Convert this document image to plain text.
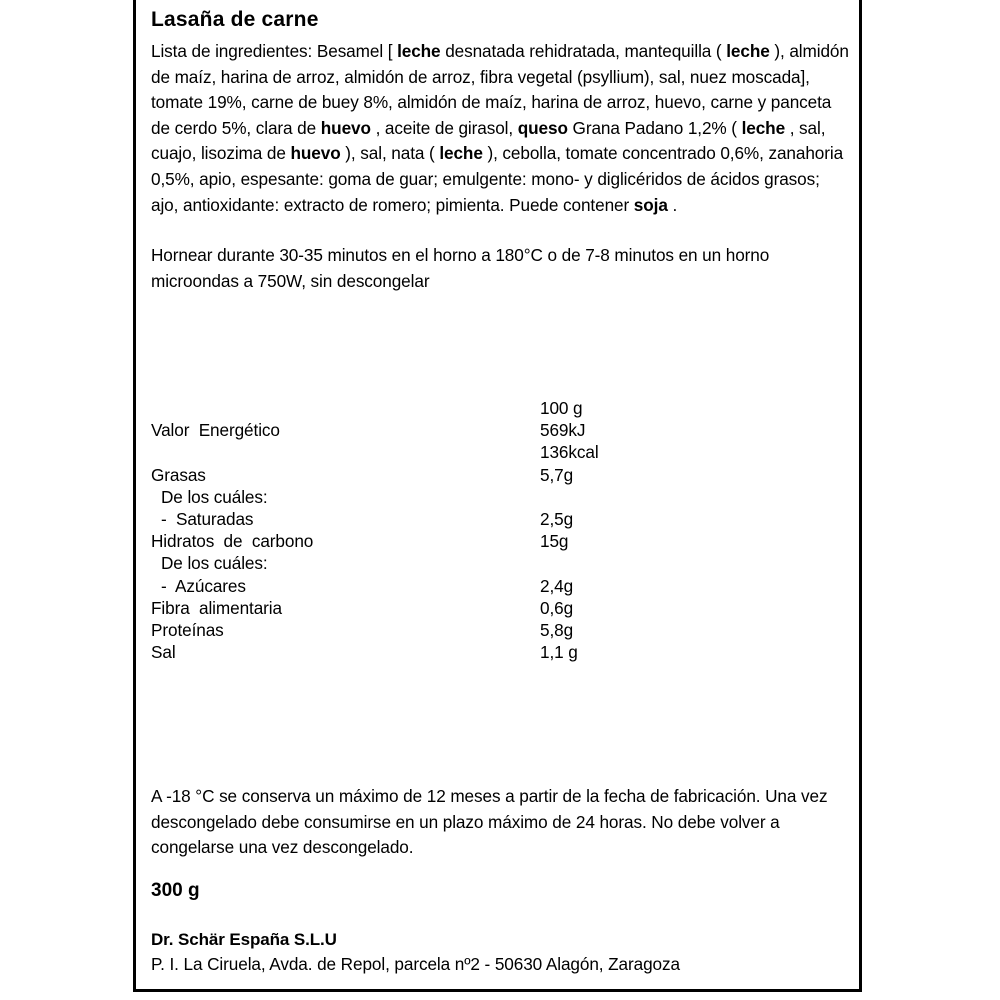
Lasaña de carne

Lista de ingredientes: Besamel [ leche desnatada rehidratada, mantequilla ( leche ), almidón de maíz, harina de arroz, almidón de arroz, fibra vegetal (psyllium), sal, nuez moscada], tomate 19%, carne de buey 8%, almidón de maíz, harina de arroz, huevo, carne y panceta de cerdo 5%, clara de huevo , aceite de girasol, queso Grana Padano 1,2% ( leche , sal, cuajo, lisozima de huevo ), sal, nata ( leche ), cebolla, tomate concentrado 0,6%, zanahoria 0,5%, apio, espesante: goma de guar; emulgente: mono- y diglicéridos de ácidos grasos; ajo, antioxidante: extracto de romero; pimienta. Puede contener soja .

Hornear durante 30-35 minutos en el horno a 180°C o de 7-8 minutos en un horno microondas a 750W, sin descongelar

100 g
Valor  Energético	569kJ
136kcal
Grasas	5,7g
De los cuáles:
-  Saturadas	2,5g
Hidratos  de  carbono	15g
De los cuáles:
-  Azúcares	2,4g
Fibra  alimentaria	0,6g
Proteínas	5,8g
Sal	1,1 g

A -18 °C se conserva un máximo de 12 meses a partir de la fecha de fabricación. Una vez descongelado debe consumirse en un plazo máximo de 24 horas. No debe volver a congelarse una vez descongelado.

300 g

Dr. Schär España S.L.U

P. I. La Ciruela, Avda. de Repol, parcela nº2 - 50630 Alagón, Zaragoza
